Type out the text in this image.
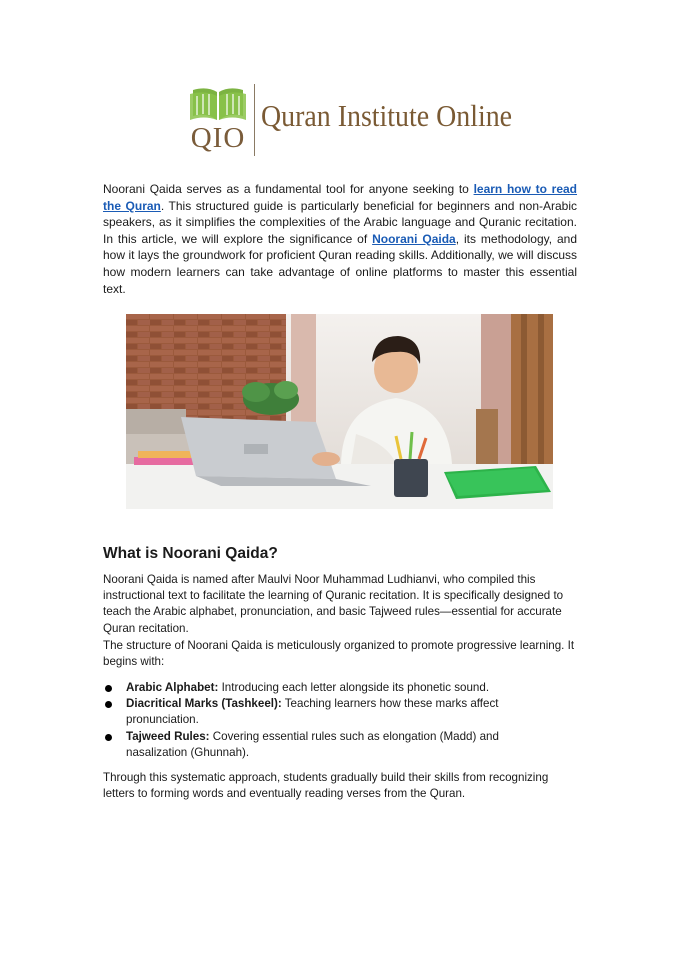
QIO
Quran Institute Online

Noorani Qaida serves as a fundamental tool for anyone seeking to learn how to read the Quran. This structured guide is particularly beneficial for beginners and non-Arabic speakers, as it simplifies the complexities of the Arabic language and Quranic recitation. In this article, we will explore the significance of Noorani Qaida, its methodology, and how it lays the groundwork for proficient Quran reading skills. Additionally, we will discuss how modern learners can take advantage of online platforms to master this essential text.

What is Noorani Qaida?

Noorani Qaida is named after Maulvi Noor Muhammad Ludhianvi, who compiled this instructional text to facilitate the learning of Quranic recitation. It is specifically designed to teach the Arabic alphabet, pronunciation, and basic Tajweed rules—essential for accurate Quran recitation.

The structure of Noorani Qaida is meticulously organized to promote progressive learning. It begins with:

Arabic Alphabet: Introducing each letter alongside its phonetic sound.
Diacritical Marks (Tashkeel): Teaching learners how these marks affect pronunciation.
Tajweed Rules: Covering essential rules such as elongation (Madd) and nasalization (Ghunnah).

Through this systematic approach, students gradually build their skills from recognizing letters to forming words and eventually reading verses from the Quran.
